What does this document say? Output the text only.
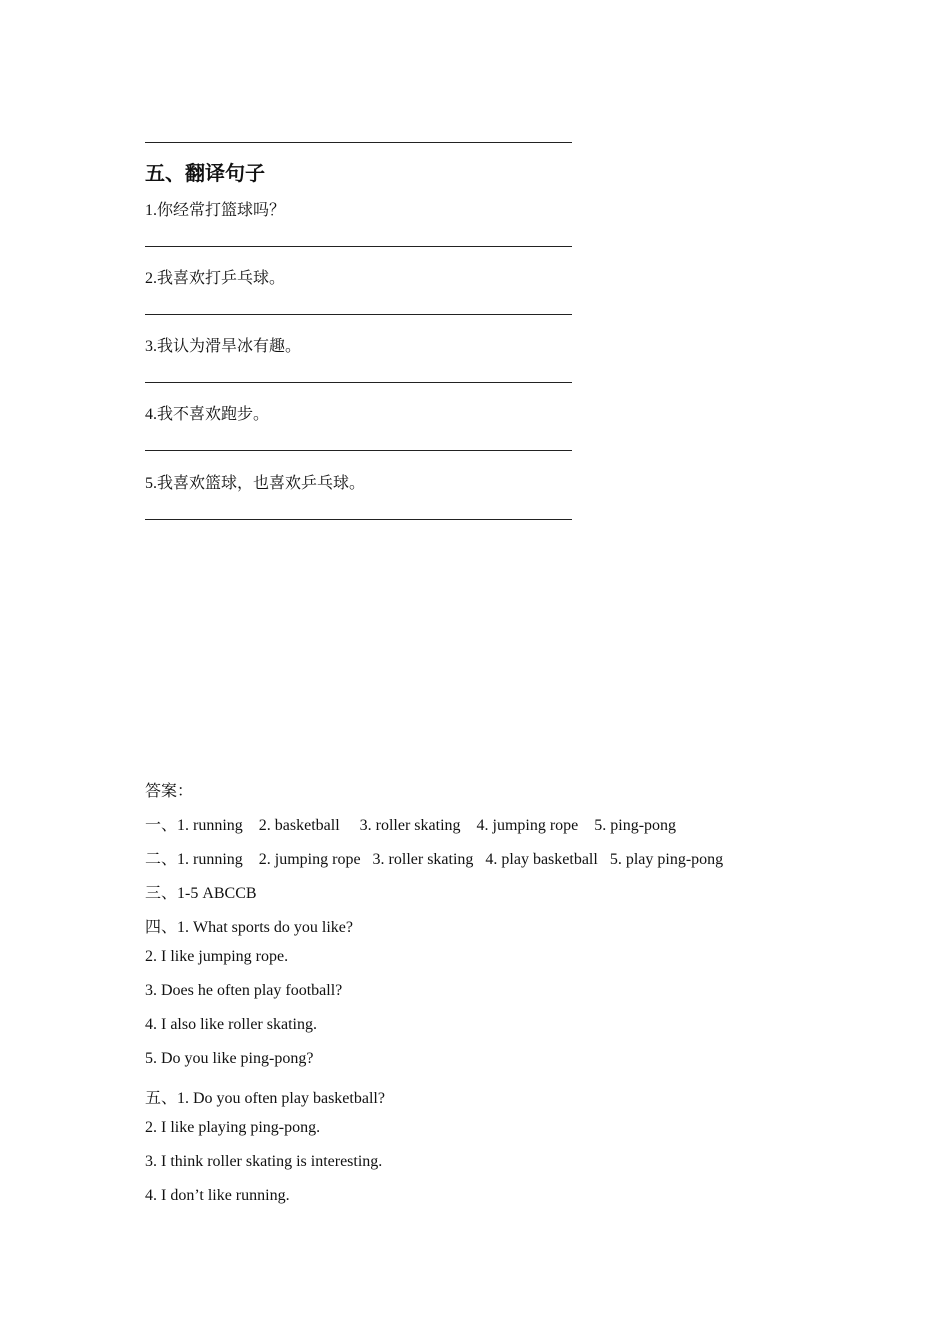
五、翻译句子
1.你经常打篮球吗？
2.我喜欢打乒乓球。
3.我认为滑旱冰有趣。
4.我不喜欢跑步。
5.我喜欢篮球，也喜欢乒乓球。
答案：
一、1. running    2. basketball     3. roller skating    4. jumping rope    5. ping-pong
二、1. running    2. jumping rope   3. roller skating   4. play basketball   5. play ping-pong
三、1-5 ABCCB
四、1. What sports do you like?
2. I like jumping rope.
3. Does he often play football?
4. I also like roller skating.
5. Do you like ping-pong?
五、1. Do you often play basketball?
2. I like playing ping-pong.
3. I think roller skating is interesting.
4. I don’t like running.
